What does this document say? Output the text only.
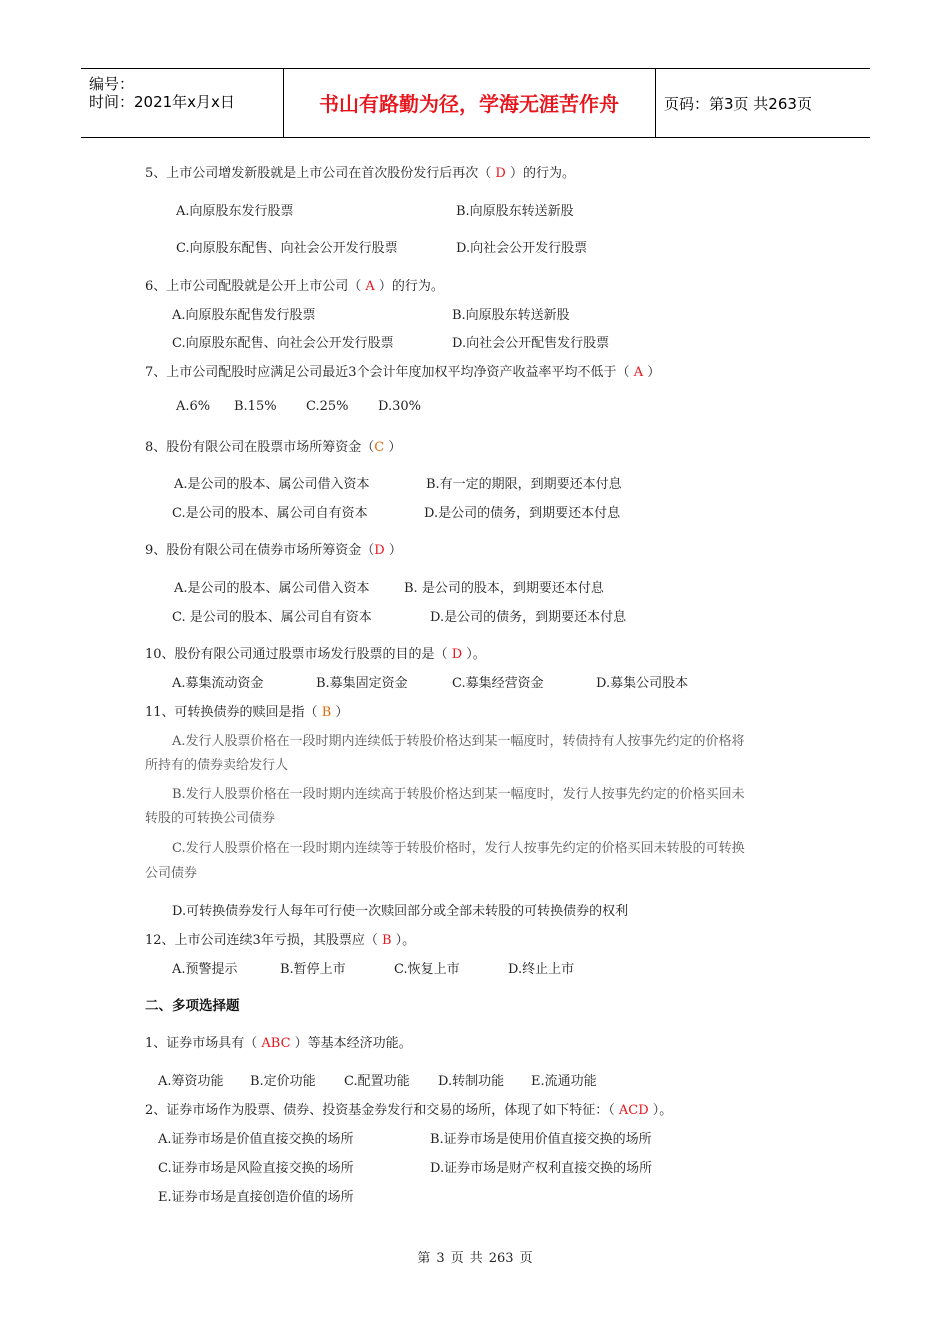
编号：
时间：2021年x月x日	书山有路勤为径，学海无涯苦作舟	页码：第3页 共263页
5、上市公司增发新股就是上市公司在首次股份发行后再次（ D ）的行为。
A.向原股东发行股票	B.向原股东转送新股
C.向原股东配售、向社会公开发行股票	D.向社会公开发行股票
6、上市公司配股就是公开上市公司（ A ）的行为。
A.向原股东配售发行股票	B.向原股东转送新股
C.向原股东配售、向社会公开发行股票	D.向社会公开配售发行股票
7、上市公司配股时应满足公司最近3个会计年度加权平均净资产收益率平均不低于（ A ）
A.6% B.15% C.25% D.30%
8、股份有限公司在股票市场所筹资金（C ）
A.是公司的股本、属公司借入资本	B.有一定的期限，到期要还本付息
C.是公司的股本、属公司自有资本	D.是公司的债务，到期要还本付息
9、股份有限公司在债券市场所筹资金（D ）
A.是公司的股本、属公司借入资本	B. 是公司的股本，到期要还本付息
C. 是公司的股本、属公司自有资本	D.是公司的债务，到期要还本付息
10、股份有限公司通过股票市场发行股票的目的是（ D ）。
A.募集流动资金	B.募集固定资金	C.募集经营资金	D.募集公司股本
11、可转换债券的赎回是指（ B ）
A.发行人股票价格在一段时期内连续低于转股价格达到某一幅度时，转债持有人按事先约定的价格将
所持有的债券卖给发行人
B.发行人股票价格在一段时期内连续高于转股价格达到某一幅度时，发行人按事先约定的价格买回未
转股的可转换公司债券
C.发行人股票价格在一段时期内连续等于转股价格时，发行人按事先约定的价格买回未转股的可转换
公司债券
D.可转换债券发行人每年可行使一次赎回部分或全部未转股的可转换债券的权利
12、上市公司连续3年亏损，其股票应（ B ）。
A.预警提示	B.暂停上市	C.恢复上市	D.终止上市
二、多项选择题
1、证券市场具有（ ABC ）等基本经济功能。
A.筹资功能 B.定价功能 C.配置功能 D.转制功能 E.流通功能
2、证券市场作为股票、债券、投资基金券发行和交易的场所，体现了如下特征：（ ACD ）。
A.证券市场是价值直接交换的场所	B.证券市场是使用价值直接交换的场所
C.证券市场是风险直接交换的场所	D.证券市场是财产权利直接交换的场所
E.证券市场是直接创造价值的场所
第 3 页 共 263 页
